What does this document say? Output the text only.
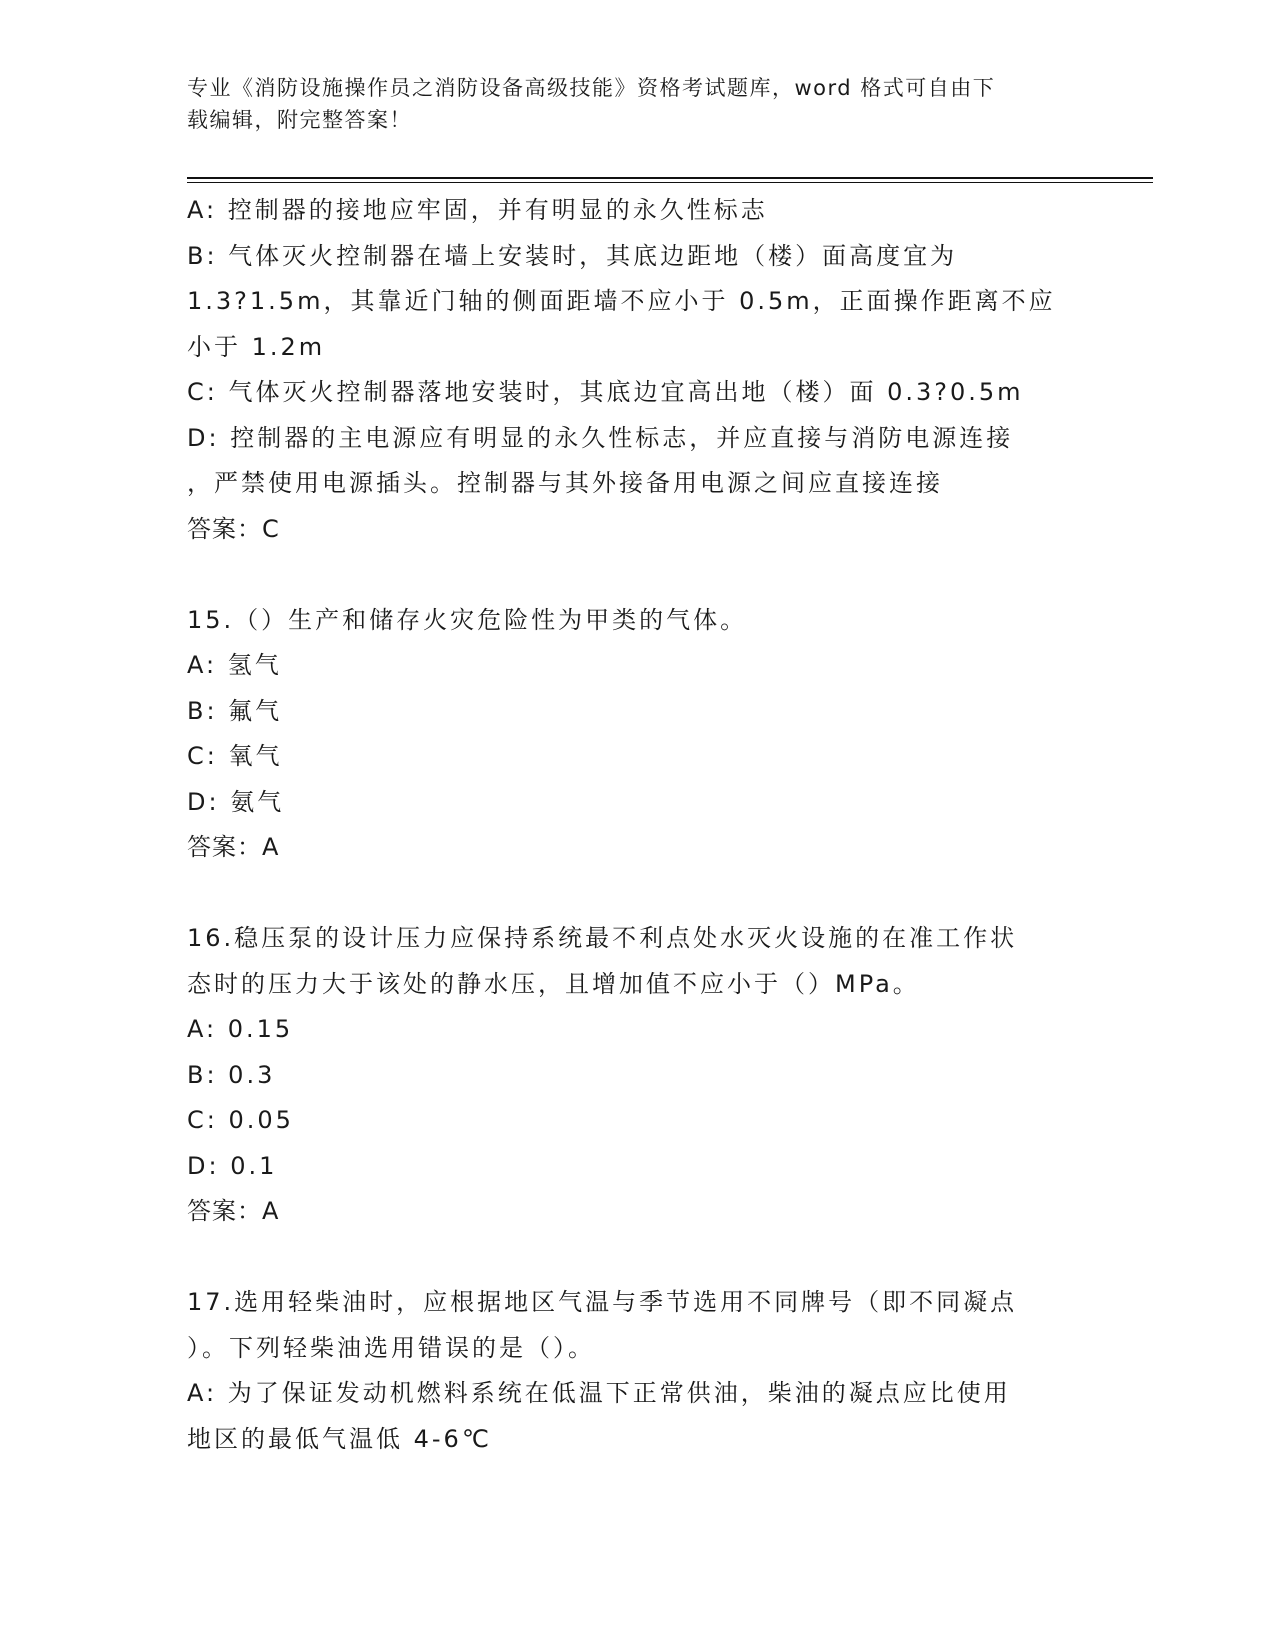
专业《消防设施操作员之消防设备高级技能》资格考试题库，word 格式可自由下
载编辑，附完整答案！
A: 控制器的接地应牢固，并有明显的永久性标志
B: 气体灭火控制器在墙上安装时，其底边距地（楼）面高度宜为
1.3?1.5m，其靠近门轴的侧面距墙不应小于 0.5m，正面操作距离不应
小于 1.2m
C: 气体灭火控制器落地安装时，其底边宜高出地（楼）面 0.3?0.5m
D: 控制器的主电源应有明显的永久性标志，并应直接与消防电源连接
，严禁使用电源插头。控制器与其外接备用电源之间应直接连接
答案：C
15.（）生产和储存火灾危险性为甲类的气体。
A: 氢气
B: 氟气
C: 氧气
D: 氨气
答案：A
16.稳压泵的设计压力应保持系统最不利点处水灭火设施的在准工作状
态时的压力大于该处的静水压，且增加值不应小于（）MPa。
A: 0.15
B: 0.3
C: 0.05
D: 0.1
答案：A
17.选用轻柴油时，应根据地区气温与季节选用不同牌号（即不同凝点
）。下列轻柴油选用错误的是（）。
A: 为了保证发动机燃料系统在低温下正常供油，柴油的凝点应比使用
地区的最低气温低 4-6℃
